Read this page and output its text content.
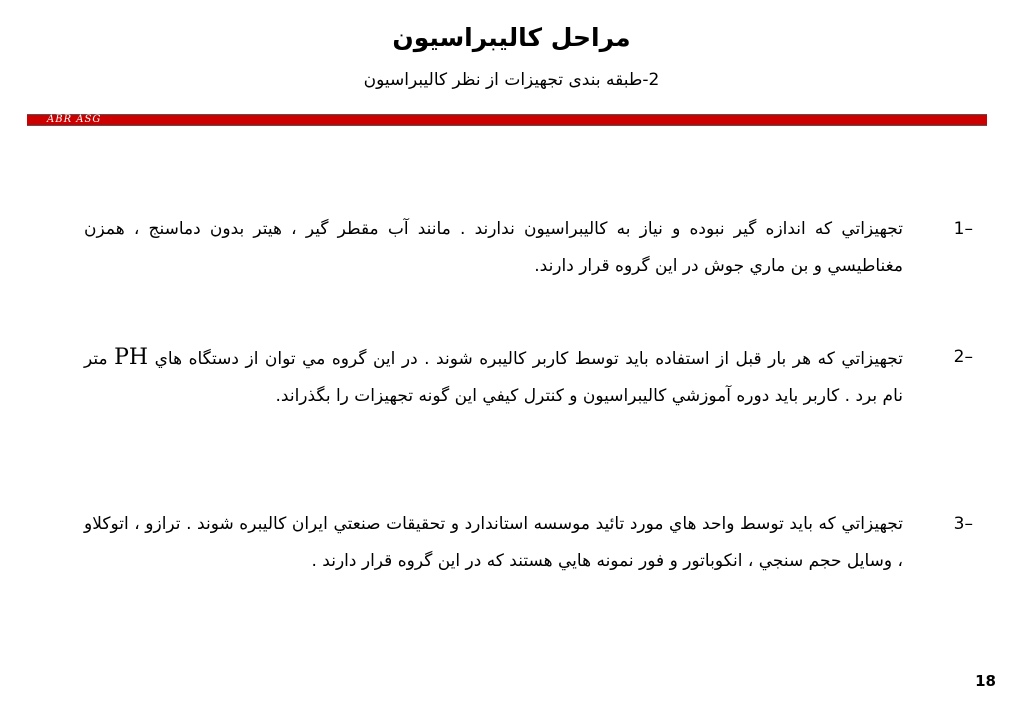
مراحل کالیبراسیون
2-طبقه بندی تجهیزات از نظر کالیبراسیون
ABR ASG
1–
تجهيزاتي كه اندازه گير نبوده و نياز به كاليبراسيون ندارند . مانند آب مقطر گير ، هيتر بدون دماسنج ، همزن مغناطيسي و بن ماري جوش در اين گروه قرار دارند.
2–
تجهيزاتي كه هر بار قبل از استفاده بايد توسط كاربر كاليبره شوند . در اين گروه مي توان از دستگاه هاي PH متر نام برد . كاربر بايد دوره آموزشي كاليبراسيون و كنترل كيفي اين گونه تجهيزات را بگذراند.
3–
تجهيزاتي كه بايد توسط واحد هاي مورد تائيد موسسه استاندارد و تحقيقات صنعتي ايران كاليبره شوند . ترازو ، اتوكلاو ، وسايل حجم سنجي ، انكوباتور و فور نمونه هايي هستند كه در اين گروه قرار دارند .
18
